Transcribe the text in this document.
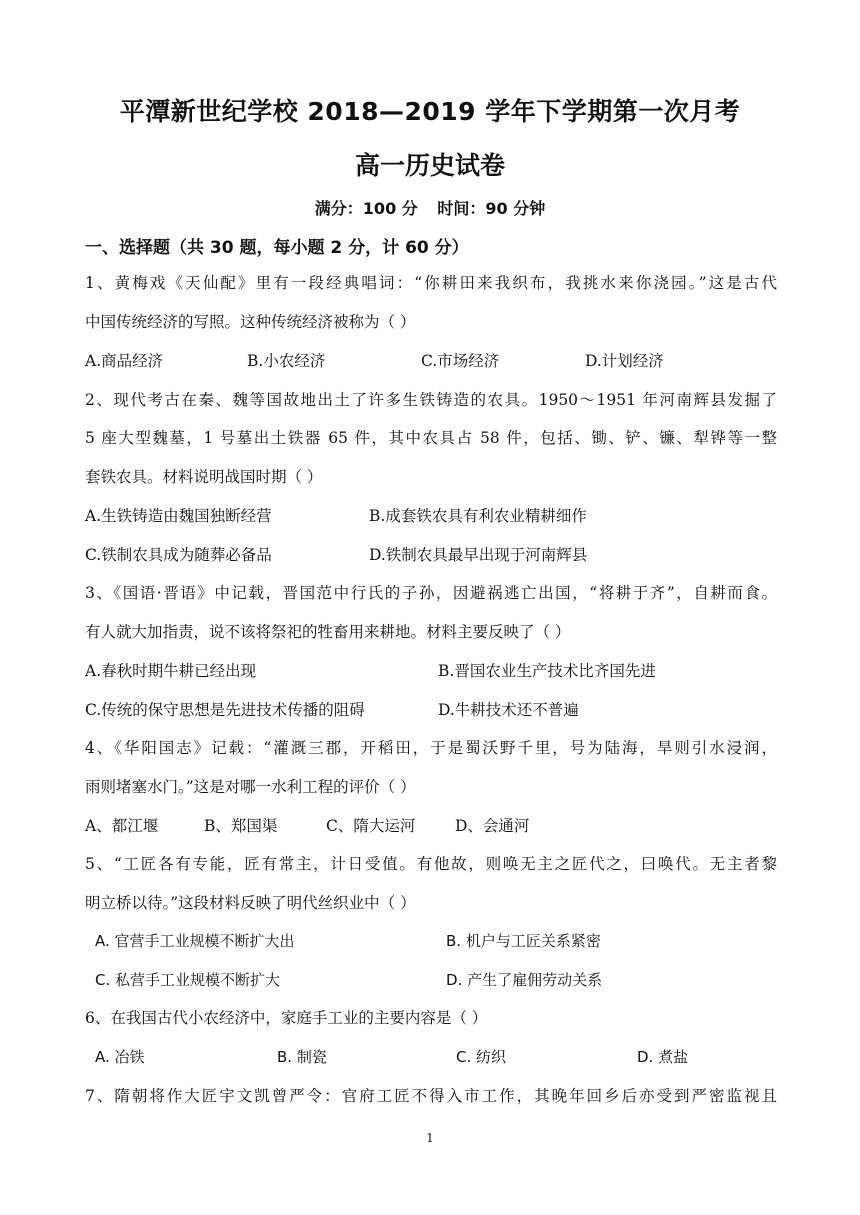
平潭新世纪学校 2018—2019 学年下学期第一次月考
高一历史试卷
满分：100 分 时间：90 分钟
一、选择题（共 30 题，每小题 2 分，计 60 分）
1、黄梅戏《天仙配》里有一段经典唱词：“你耕田来我织布，我挑水来你浇园。”这是古代
中国传统经济的写照。这种传统经济被称为（ ）
A.商品经济	B.小农经济	C.市场经济	D.计划经济
2、现代考古在秦、魏等国故地出土了许多生铁铸造的农具。1950～1951 年河南辉县发掘了
5 座大型魏墓，1 号墓出土铁器 65 件，其中农具占 58 件，包括、锄、铲、镰、犁铧等一整
套铁农具。材料说明战国时期（ ）
A.生铁铸造由魏国独断经营	B.成套铁农具有利农业精耕细作
C.铁制农具成为随葬必备品	D.铁制农具最早出现于河南辉县
3、《国语·晋语》中记载，晋国范中行氏的子孙，因避祸逃亡出国，“将耕于齐”，自耕而食。
有人就大加指责，说不该将祭祀的牲畜用来耕地。材料主要反映了（ ）
A.春秋时期牛耕已经出现	B.晋国农业生产技术比齐国先进
C.传统的保守思想是先进技术传播的阻碍	D.牛耕技术还不普遍
4、《华阳国志》记载：“灌溉三郡，开稻田，于是蜀沃野千里，号为陆海，旱则引水浸润，
雨则堵塞水门。”这是对哪一水利工程的评价（ ）
A、都江堰	B、郑国渠	C、隋大运河	D、会通河
5、“工匠各有专能，匠有常主，计日受值。有他故，则唤无主之匠代之，曰唤代。无主者黎
明立桥以待。”这段材料反映了明代丝织业中（ ）
A. 官营手工业规模不断扩大出	B. 机户与工匠关系紧密
C. 私营手工业规模不断扩大	D. 产生了雇佣劳动关系
6、在我国古代小农经济中，家庭手工业的主要内容是（ ）
A. 冶铁	B. 制瓷	C. 纺织	D. 煮盐
7、隋朝将作大匠宇文凯曾严令：官府工匠不得入市工作，其晚年回乡后亦受到严密监视且
1
